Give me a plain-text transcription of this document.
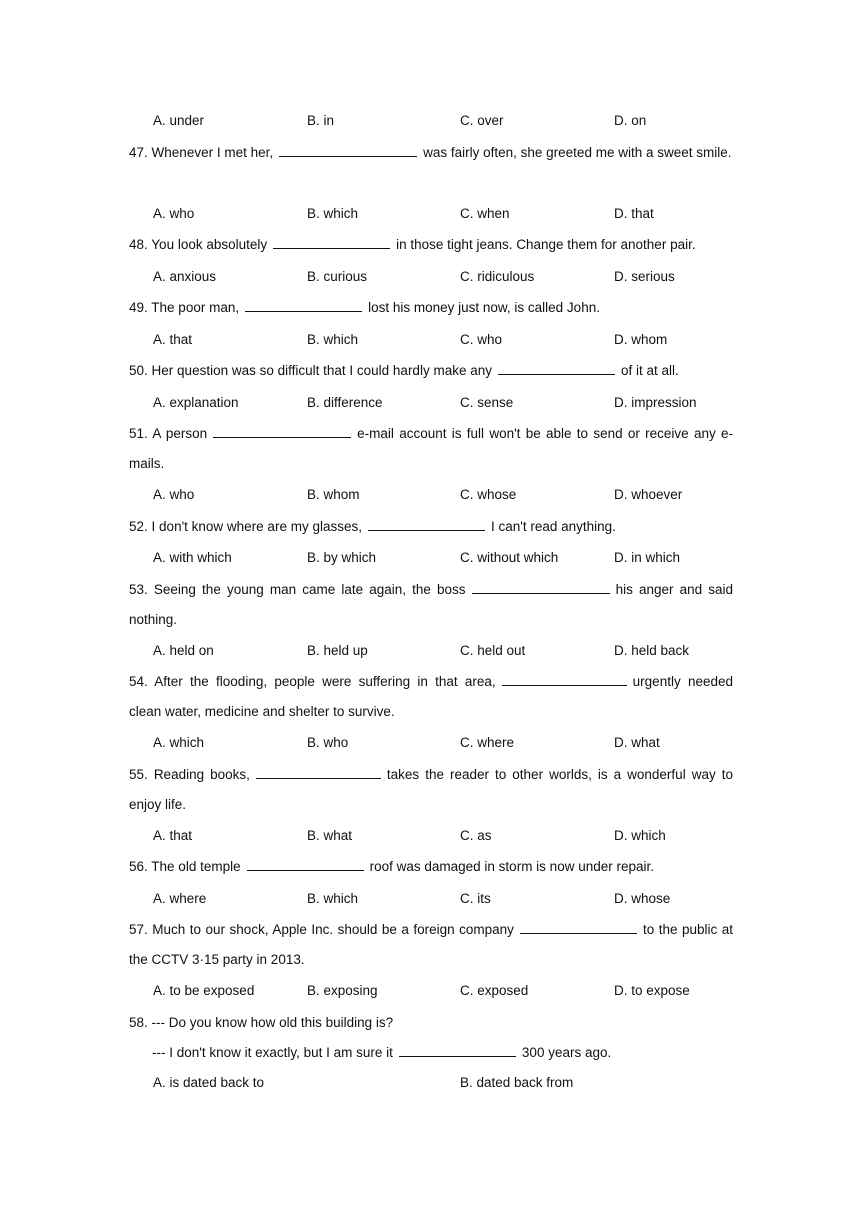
A. under	B. in	C. over	D. on
47. Whenever I met her,	was fairly often, she greeted me with a sweet smile.
A. who	B. which	C. when	D. that
48. You look absolutely	in those tight jeans. Change them for another pair.
A. anxious	B. curious	C. ridiculous	D. serious
49. The poor man,	lost his money just now, is called John.
A. that	B. which	C. who	D. whom
50. Her question was so difficult that I could hardly make any	of it at all.
A. explanation	B. difference	C. sense	D. impression
51. A person	e-mail account is full won't be able to send or receive any e-mails.
A. who	B. whom	C. whose	D. whoever
52. I don't know where are my glasses,	I can't read anything.
A. with which	B. by which	C. without which	D. in which
53. Seeing the young man came late again, the boss	his anger and said nothing.
A. held on	B. held up	C. held out	D. held back
54. After the flooding, people were suffering in that area,	urgently needed clean water, medicine and shelter to survive.
A. which	B. who	C. where	D. what
55. Reading books,	takes the reader to other worlds, is a wonderful way to enjoy life.
A. that	B. what	C. as	D. which
56. The old temple	roof was damaged in storm is now under repair.
A. where	B. which	C. its	D. whose
57. Much to our shock, Apple Inc. should be a foreign company	to the public at the CCTV 3·15 party in 2013.
A. to be exposed	B. exposing	C. exposed	D. to expose
58. --- Do you know how old this building is?
--- I don't know it exactly, but I am sure it	300 years ago.
A. is dated back to	B. dated back from
